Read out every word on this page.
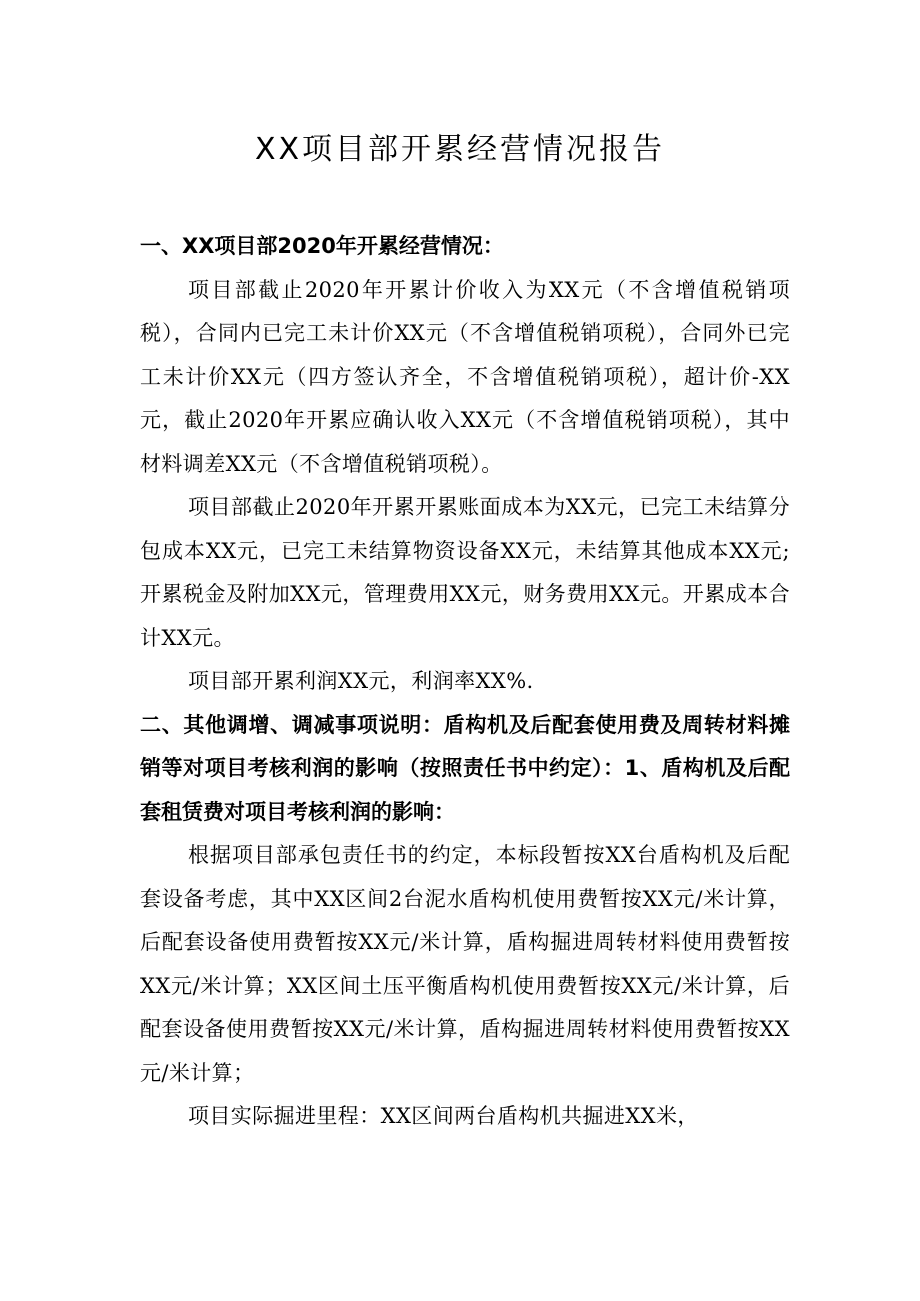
XX项目部开累经营情况报告

一、XX项目部2020年开累经营情况：

项目部截止2020年开累计价收入为XX元（不含增值税销项税），合同内已完工未计价XX元（不含增值税销项税），合同外已完工未计价XX元（四方签认齐全，不含增值税销项税），超计价-XX元，截止2020年开累应确认收入XX元（不含增值税销项税），其中材料调差XX元（不含增值税销项税）。

项目部截止2020年开累开累账面成本为XX元，已完工未结算分包成本XX元，已完工未结算物资设备XX元，未结算其他成本XX元;开累税金及附加XX元，管理费用XX元，财务费用XX元。开累成本合计XX元。

项目部开累利润XX元，利润率XX%.

二、其他调增、调减事项说明：盾构机及后配套使用费及周转材料摊销等对项目考核利润的影响（按照责任书中约定）：1、盾构机及后配套租赁费对项目考核利润的影响：

根据项目部承包责任书的约定，本标段暂按XX台盾构机及后配套设备考虑，其中XX区间2台泥水盾构机使用费暂按XX元/米计算，后配套设备使用费暂按XX元/米计算，盾构掘进周转材料使用费暂按XX元/米计算；XX区间土压平衡盾构机使用费暂按XX元/米计算，后配套设备使用费暂按XX元/米计算，盾构掘进周转材料使用费暂按XX元/米计算；

项目实际掘进里程：XX区间两台盾构机共掘进XX米，
